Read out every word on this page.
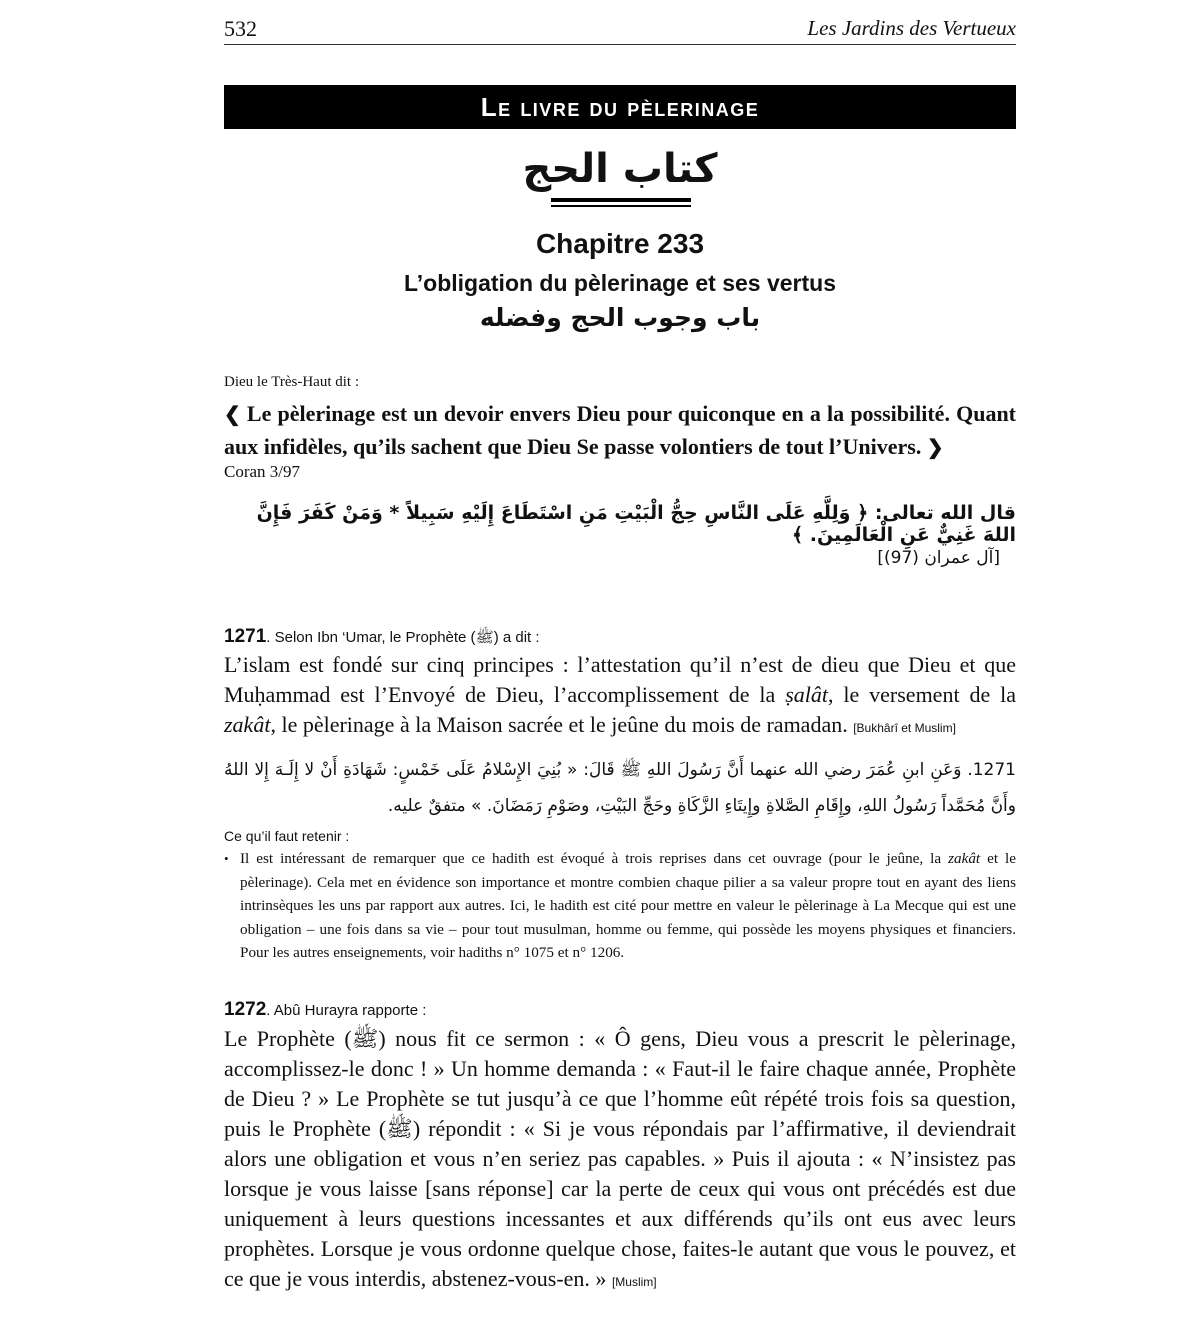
532	Les Jardins des Vertueux
Le livre du pèlerinage
كتاب الحج
Chapitre 233
L’obligation du pèlerinage et ses vertus
باب وجوب الحج وفضله
Dieu le Très-Haut dit :
❮ Le pèlerinage est un devoir envers Dieu pour quiconque en a la possibilité. Quant aux infidèles, qu’ils sachent que Dieu Se passe volontiers de tout l’Univers. ❯
Coran 3/97
قال الله تعالى: ﴿ وَلِلَّهِ عَلَى النَّاسِ حِجُّ الْبَيْتِ مَنِ اسْتَطَاعَ إِلَيْهِ سَبِيلاً * وَمَنْ كَفَرَ فَإِنَّ اللهَ غَنِيٌّ عَنِ الْعَالَمِينَ. ﴾
[آل عمران (97)]
1271. Selon Ibn ‘Umar, le Prophète (ﷺ) a dit :
L’islam est fondé sur cinq principes : l’attestation qu’il n’est de dieu que Dieu et que Muḥammad est l’Envoyé de Dieu, l’accomplissement de la ṣalât, le versement de la zakât, le pèlerinage à la Maison sacrée et le jeûne du mois de ramadan. [Bukhârî et Muslim]
1271. وَعَنِ ابنِ عُمَرَ رضي الله عنهما أَنَّ رَسُولَ اللهِ ﷺ قَالَ: « بُنِيَ الإِسْلامُ عَلَى خَمْسٍ: شَهَادَةِ أَنْ لا إِلَـهَ إِلا اللهُ وأَنَّ مُحَمَّداً رَسُولُ اللهِ، وإِقَامِ الصَّلاةِ وإِيتَاءِ الزَّكَاةِ وحَجِّ البَيْتِ، وصَوْمِ رَمَضَانَ. » متفقٌ عليه.
Ce qu’il faut retenir :
• Il est intéressant de remarquer que ce hadith est évoqué à trois reprises dans cet ouvrage (pour le jeûne, la zakât et le pèlerinage). Cela met en évidence son importance et montre combien chaque pilier a sa valeur propre tout en ayant des liens intrinsèques les uns par rapport aux autres. Ici, le hadith est cité pour mettre en valeur le pèlerinage à La Mecque qui est une obligation – une fois dans sa vie – pour tout musulman, homme ou femme, qui possède les moyens physiques et financiers. Pour les autres enseignements, voir hadiths n° 1075 et n° 1206.
1272. Abû Hurayra rapporte :
Le Prophète (ﷺ) nous fit ce sermon : « Ô gens, Dieu vous a prescrit le pèlerinage, accomplissez-le donc ! » Un homme demanda : « Faut-il le faire chaque année, Prophète de Dieu ? » Le Prophète se tut jusqu’à ce que l’homme eût répété trois fois sa question, puis le Prophète (ﷺ) répondit : « Si je vous répondais par l’affirmative, il deviendrait alors une obligation et vous n’en seriez pas capables. » Puis il ajouta : « N’insistez pas lorsque je vous laisse [sans réponse] car la perte de ceux qui vous ont précédés est due uniquement à leurs questions incessantes et aux différends qu’ils ont eus avec leurs prophètes. Lorsque je vous ordonne quelque chose, faites-le autant que vous le pouvez, et ce que je vous interdis, abstenez-vous-en. » [Muslim]
